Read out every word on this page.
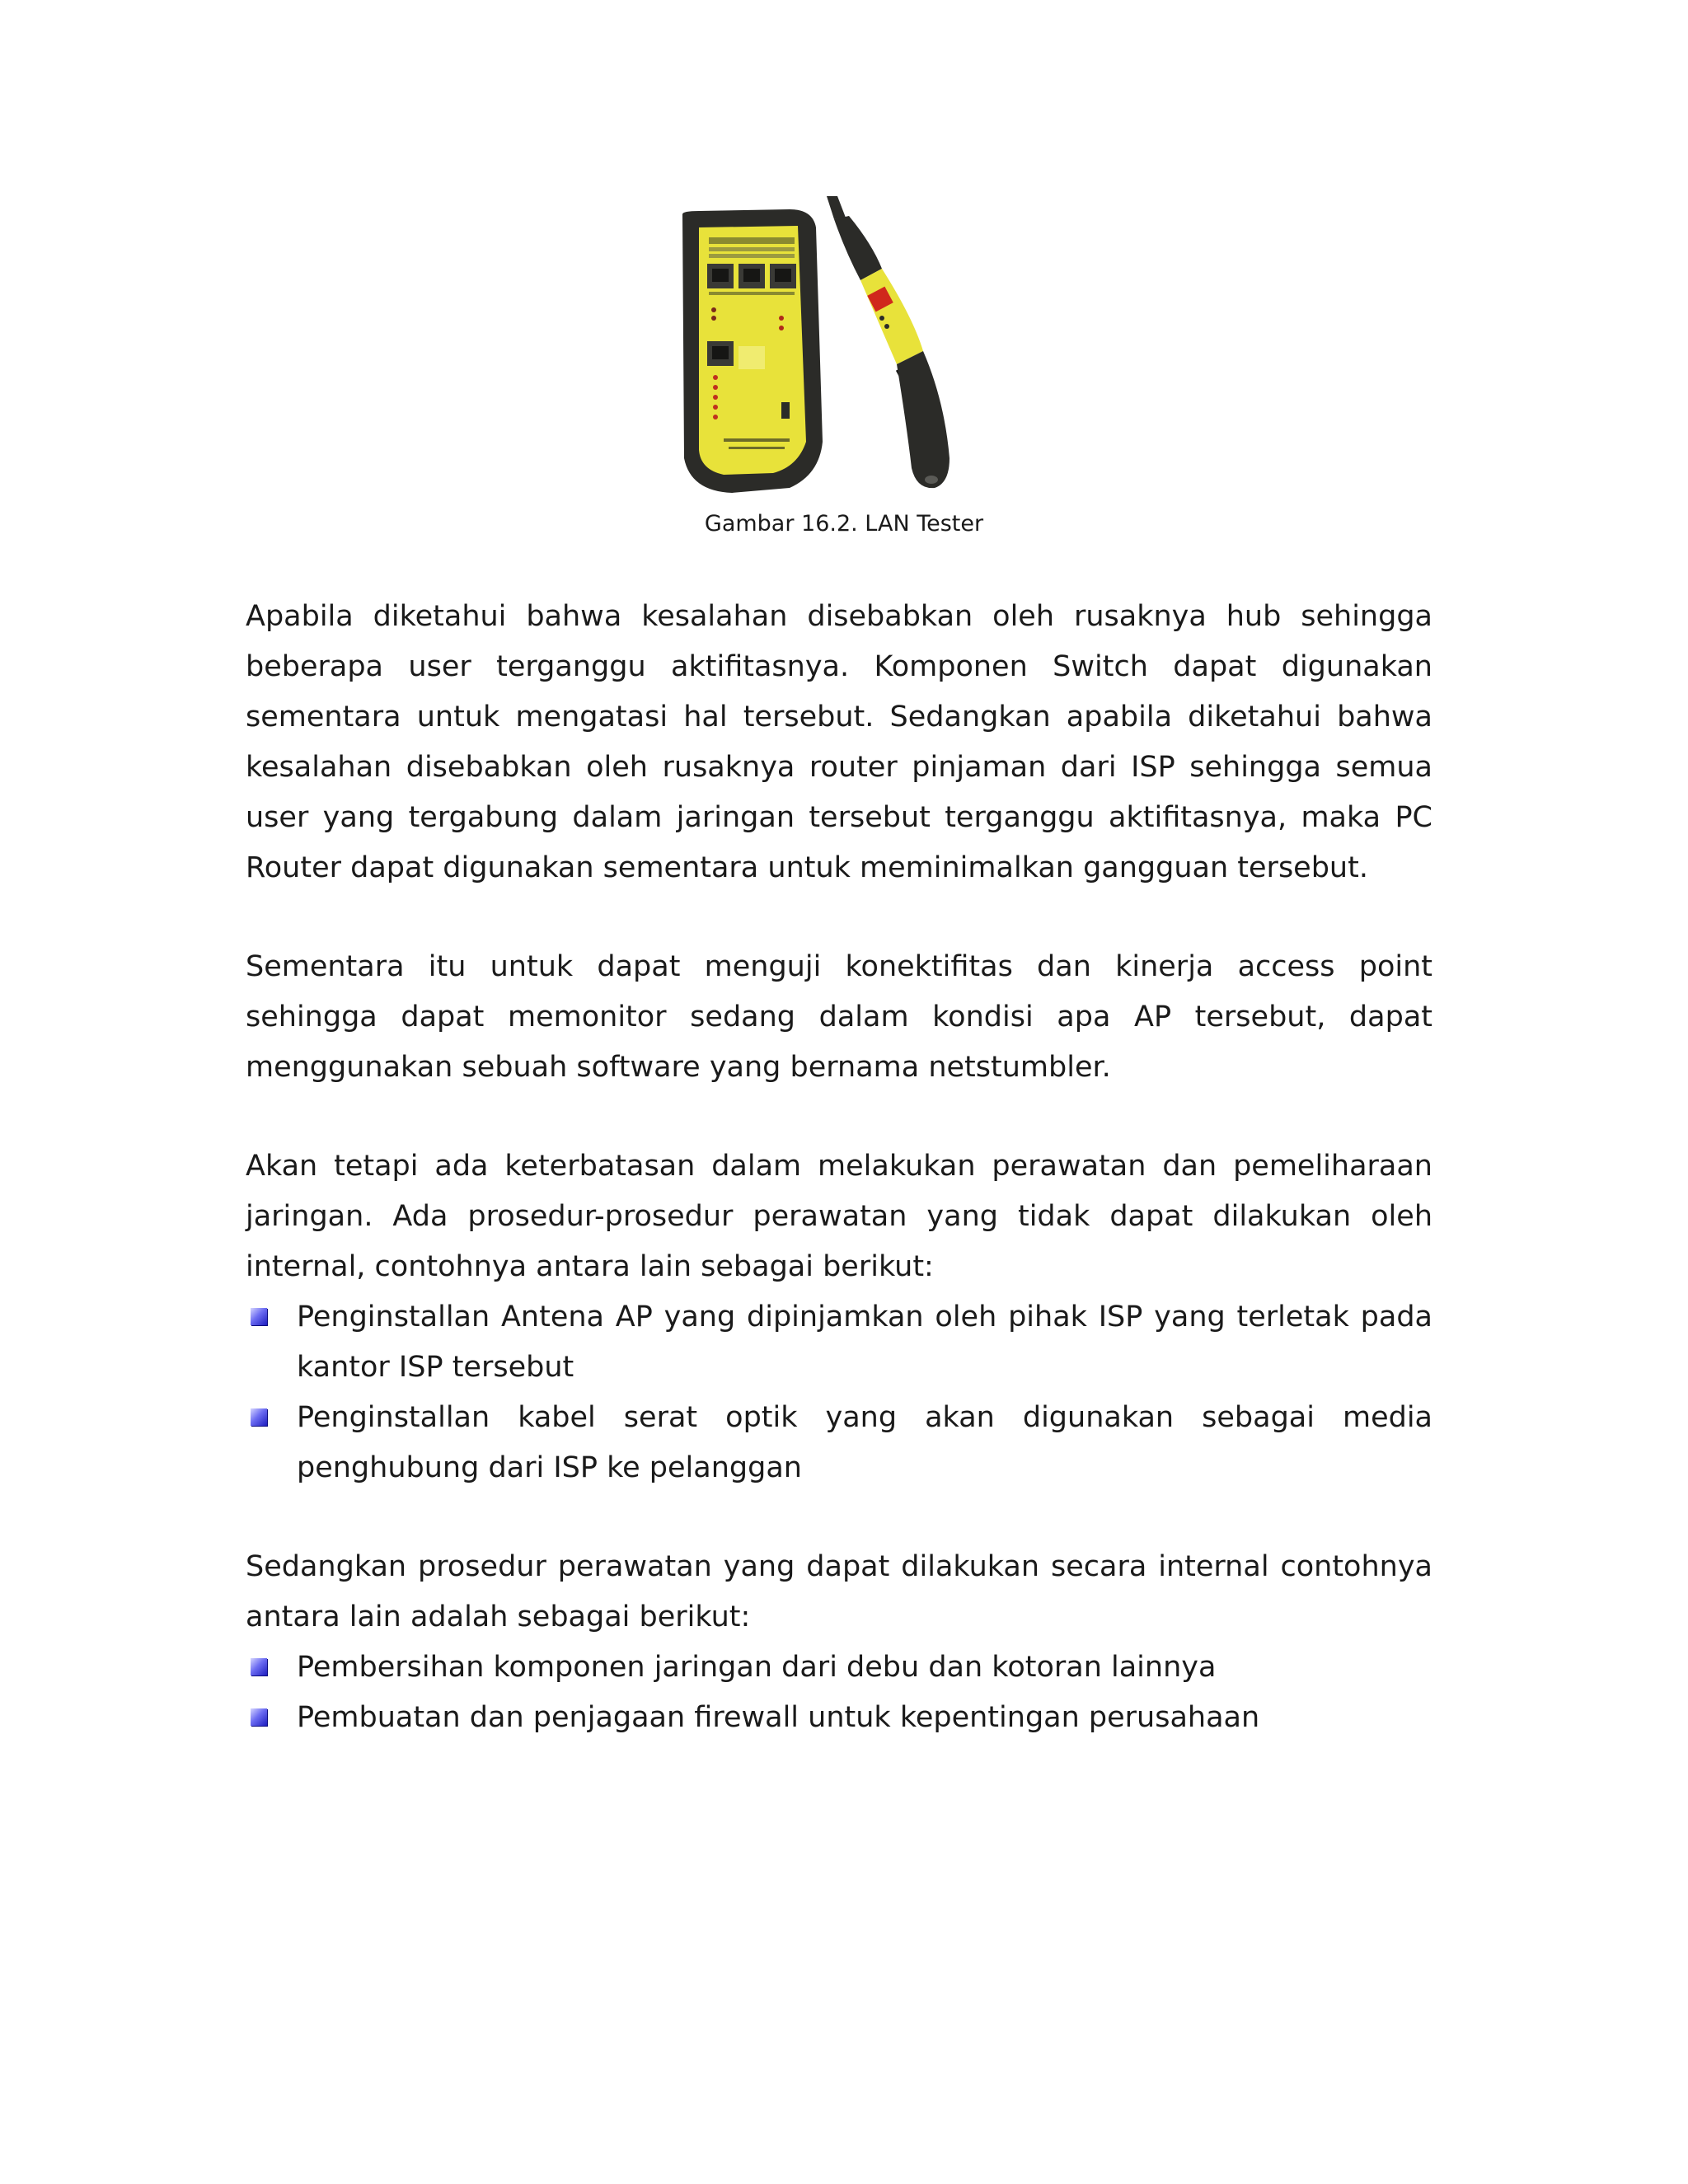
Gambar 16.2. LAN Tester

Apabila diketahui bahwa kesalahan disebabkan oleh rusaknya hub sehingga beberapa user terganggu aktifitasnya. Komponen Switch dapat digunakan sementara untuk mengatasi hal tersebut. Sedangkan apabila diketahui bahwa kesalahan disebabkan oleh rusaknya router pinjaman dari ISP sehingga semua user yang tergabung dalam jaringan tersebut terganggu aktifitasnya, maka PC Router dapat digunakan sementara untuk meminimalkan gangguan tersebut.

Sementara itu untuk dapat menguji konektifitas dan kinerja access point sehingga dapat memonitor sedang dalam kondisi apa AP tersebut, dapat menggunakan sebuah software yang bernama netstumbler.

Akan tetapi ada keterbatasan dalam melakukan perawatan dan pemeliharaan jaringan. Ada prosedur-prosedur perawatan yang tidak dapat dilakukan oleh internal, contohnya antara lain sebagai berikut:

Penginstallan Antena AP yang dipinjamkan oleh pihak ISP yang terletak pada kantor ISP tersebut
Penginstallan kabel serat optik yang akan digunakan sebagai media penghubung dari ISP ke pelanggan

Sedangkan prosedur perawatan yang dapat dilakukan secara internal contohnya antara lain adalah sebagai berikut:

Pembersihan komponen jaringan dari debu dan kotoran lainnya
Pembuatan dan penjagaan firewall untuk kepentingan perusahaan
